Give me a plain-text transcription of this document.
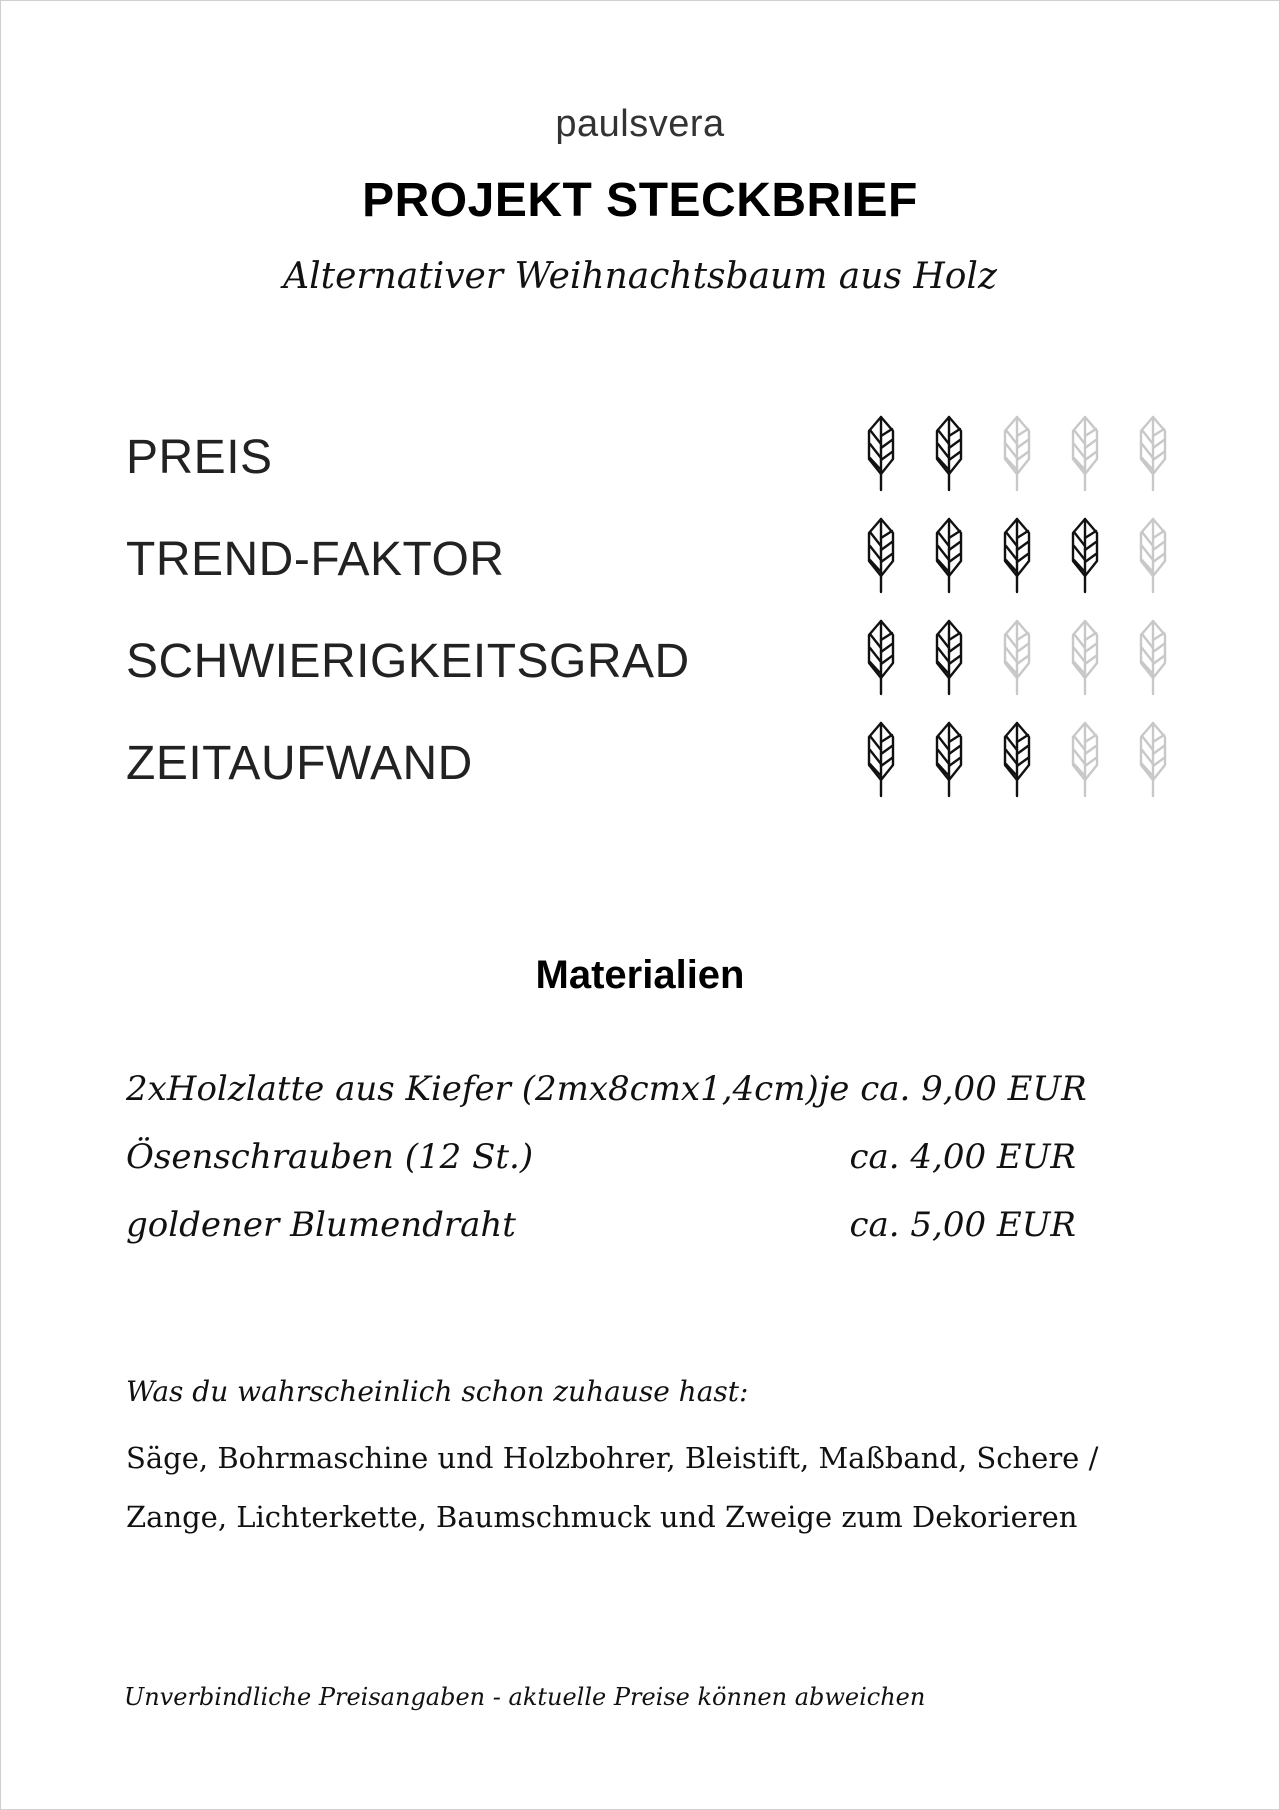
paulsvera
PROJEKT STECKBRIEF
Alternativer Weihnachtsbaum aus Holz
PREIS
TREND-FAKTOR
SCHWIERIGKEITSGRAD
ZEITAUFWAND
Materialien
2xHolzlatte aus Kiefer (2mx8cmx1,4cm) je ca. 9,00 EUR
Ösenschrauben (12 St.)	ca. 4,00 EUR
goldener Blumendraht	ca. 5,00 EUR
Was du wahrscheinlich schon zuhause hast:
Säge, Bohrmaschine und Holzbohrer, Bleistift, Maßband, Schere / Zange, Lichterkette, Baumschmuck und Zweige zum Dekorieren
Unverbindliche Preisangaben - aktuelle Preise können abweichen
